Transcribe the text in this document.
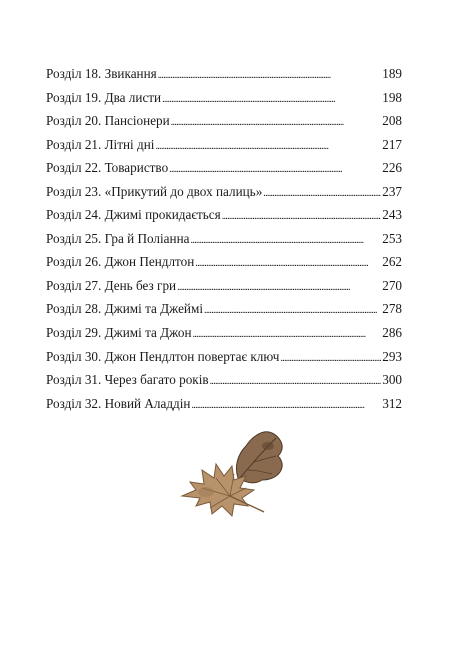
Розділ 18. Звикання . . .	189
Розділ 19. Два листи . . .	198
Розділ 20. Пансіонери . . .	208
Розділ 21. Літні дні . . .	217
Розділ 22. Товариство . . .	226
Розділ 23. «Прикутий до двох палиць» . . .	237
Розділ 24. Джимі прокидається . . .	243
Розділ 25. Гра й Поліанна . . .	253
Розділ 26. Джон Пендлтон . . .	262
Розділ 27. День без гри . . .	270
Розділ 28. Джимі та Джеймі . . .	278
Розділ 29. Джимі та Джон . . .	286
Розділ 30. Джон Пендлтон повертає ключ . . .	293
Розділ 31. Через багато років . . .	300
Розділ 32. Новий Аладдін . . .	312
